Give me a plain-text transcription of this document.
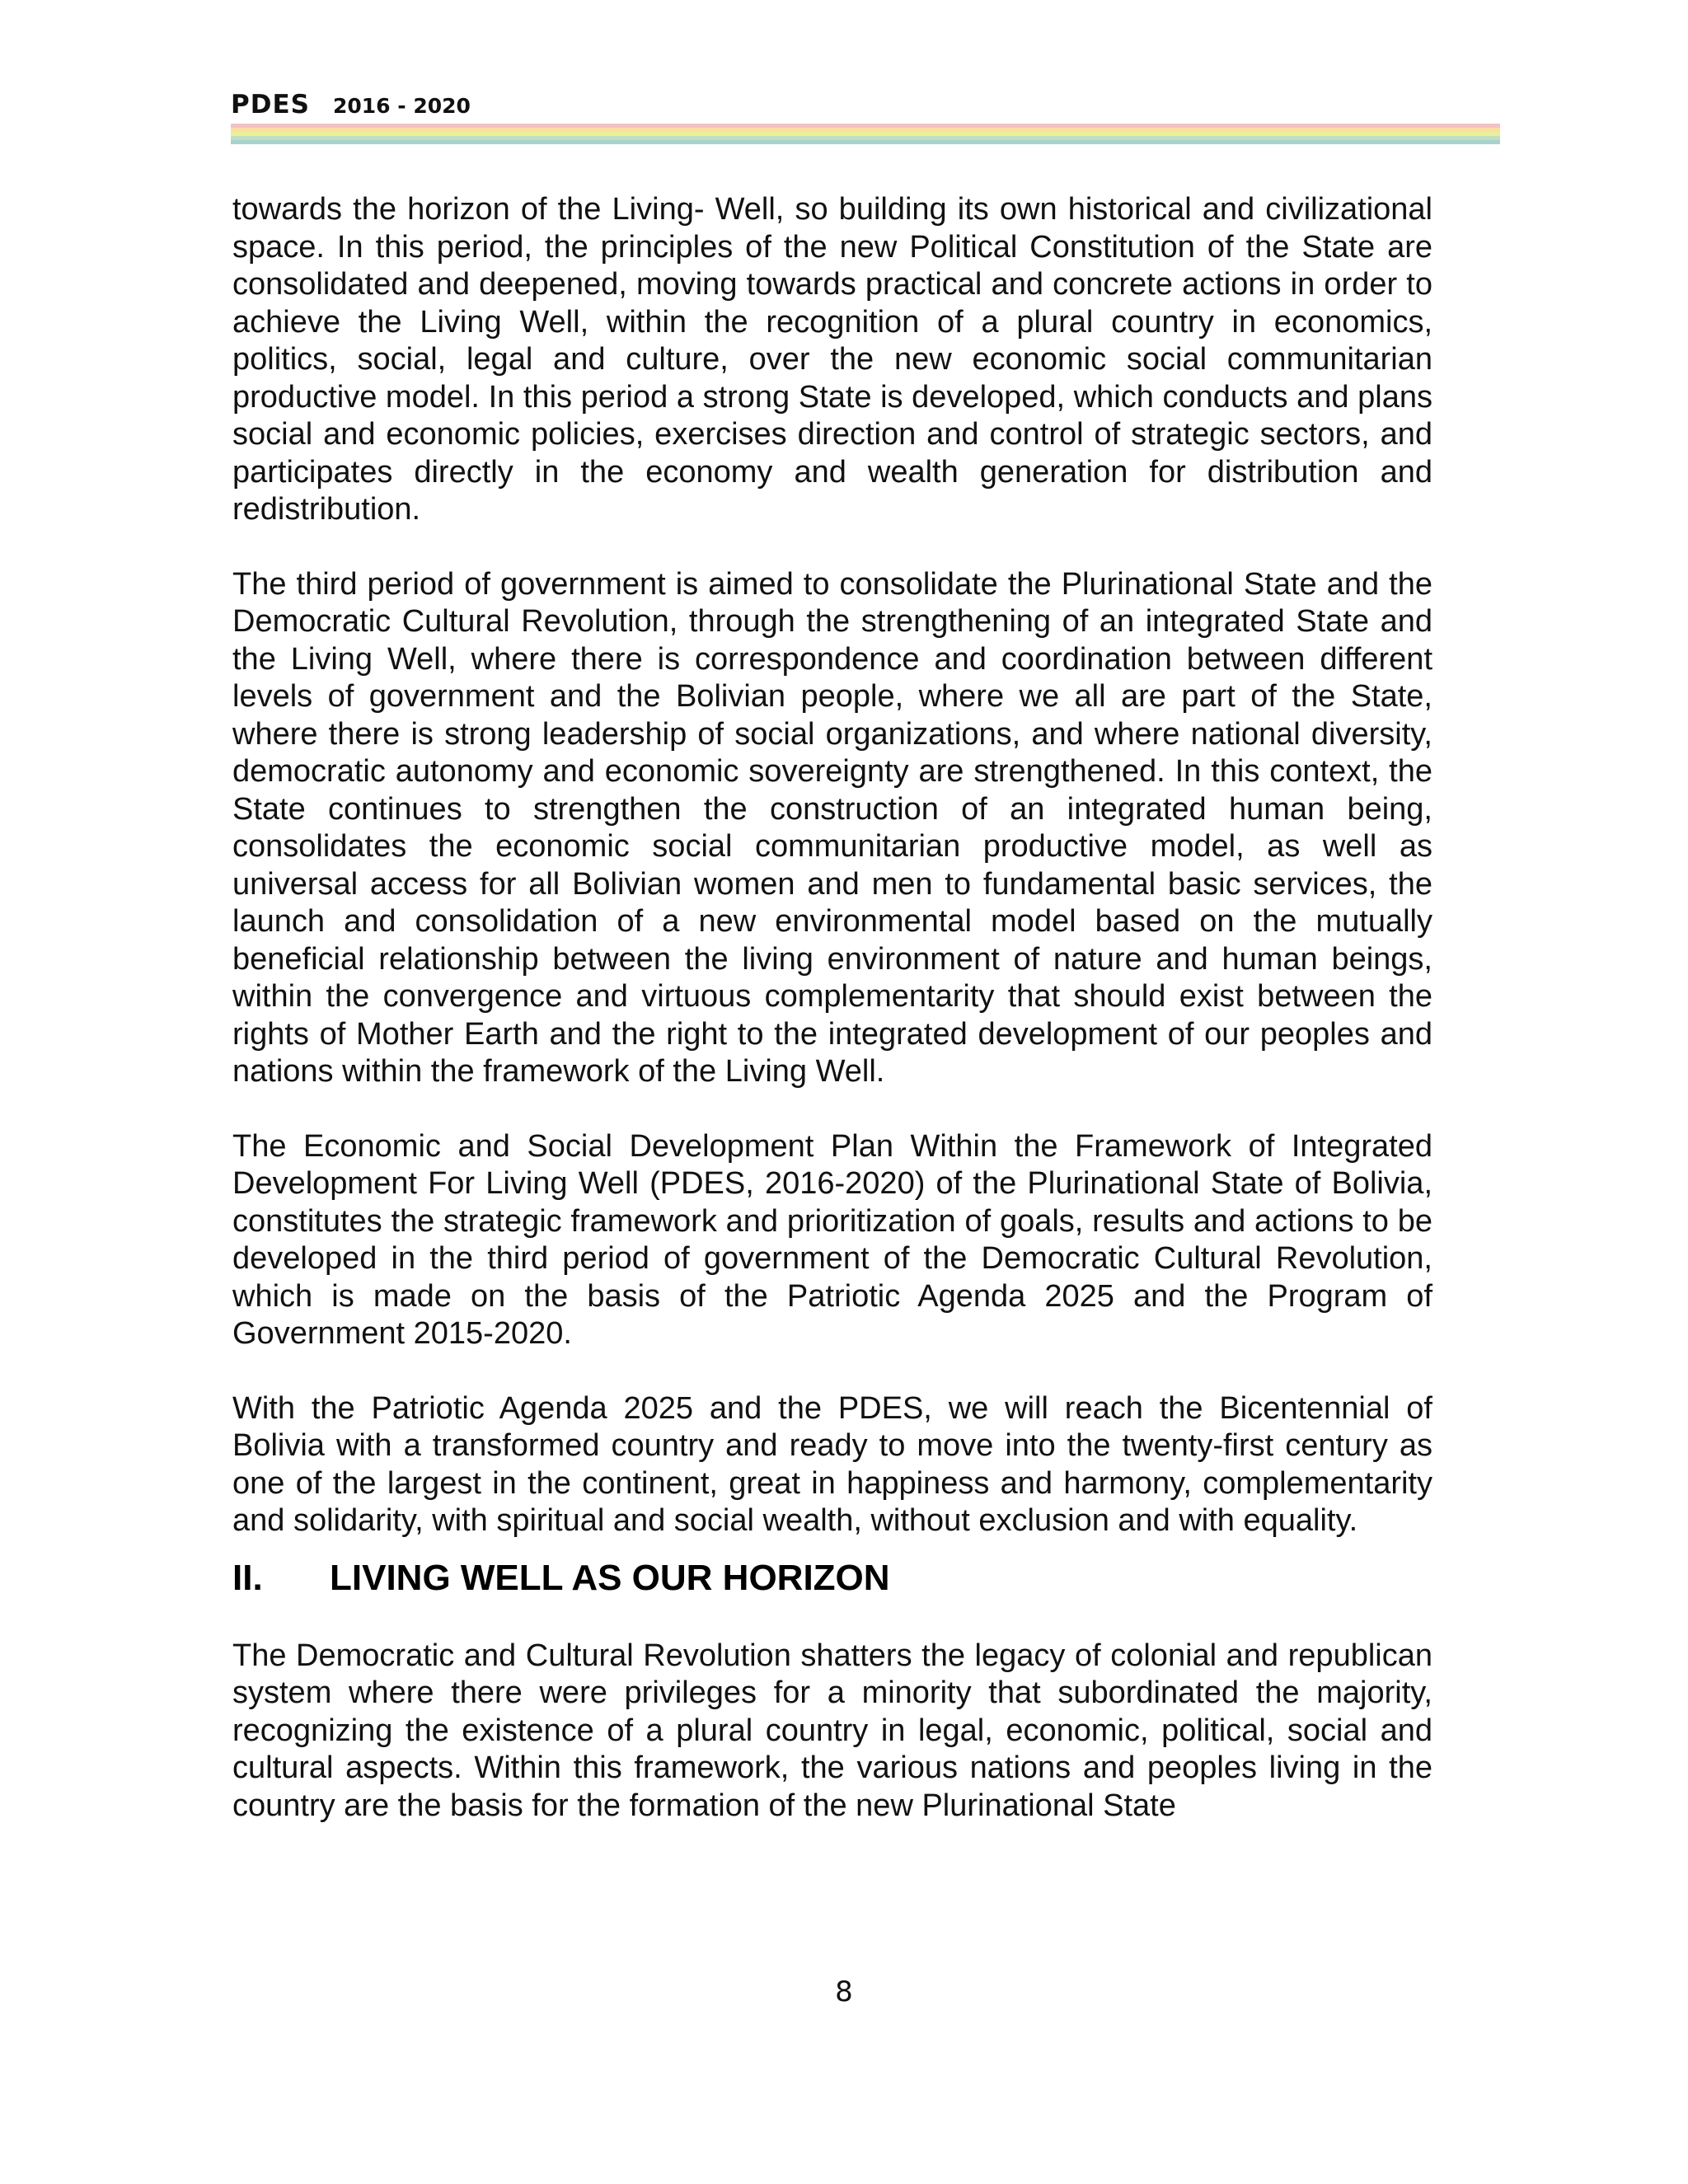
PDES 2016 - 2020

towards the horizon of the Living- Well, so building its own historical and civilizational space. In this period, the principles of the new Political Constitution of the State are consolidated and deepened, moving towards practical and concrete actions in order to achieve the Living Well, within the recognition of a plural country in economics, politics, social, legal and culture, over the new economic social communitarian productive model. In this period a strong State is developed, which conducts and plans social and economic policies, exercises direction and control of strategic sectors, and participates directly in the economy and wealth generation for distribution and redistribution.

The third period of government is aimed to consolidate the Plurinational State and the Democratic Cultural Revolution, through the strengthening of an integrated State and the Living Well, where there is correspondence and coordination between different levels of government and the Bolivian people, where we all are part of the State, where there is strong leadership of social organizations, and where national diversity, democratic autonomy and economic sovereignty are strengthened. In this context, the State continues to strengthen the construction of an integrated human being, consolidates the economic social communitarian productive model, as well as universal access for all Bolivian women and men to fundamental basic services, the launch and consolidation of a new environmental model based on the mutually beneficial relationship between the living environment of nature and human beings, within the convergence and virtuous complementarity that should exist between the rights of Mother Earth and the right to the integrated development of our peoples and nations within the framework of the Living Well.

The Economic and Social Development Plan Within the Framework of Integrated Development For Living Well (PDES, 2016-2020) of the Plurinational State of Bolivia, constitutes the strategic framework and prioritization of goals, results and actions to be developed in the third period of government of the Democratic Cultural Revolution, which is made on the basis of the Patriotic Agenda 2025 and the Program of Government 2015-2020.

With the Patriotic Agenda 2025 and the PDES, we will reach the Bicentennial of Bolivia with a transformed country and ready to move into the twenty-first century as one of the largest in the continent, great in happiness and harmony, complementarity and solidarity, with spiritual and social wealth, without exclusion and with equality.

II.	LIVING WELL AS OUR HORIZON

The Democratic and Cultural Revolution shatters the legacy of colonial and republican system where there were privileges for a minority that subordinated the majority, recognizing the existence of a plural country in legal, economic, political, social and cultural aspects. Within this framework, the various nations and peoples living in the country are the basis for the formation of the new Plurinational State

8
